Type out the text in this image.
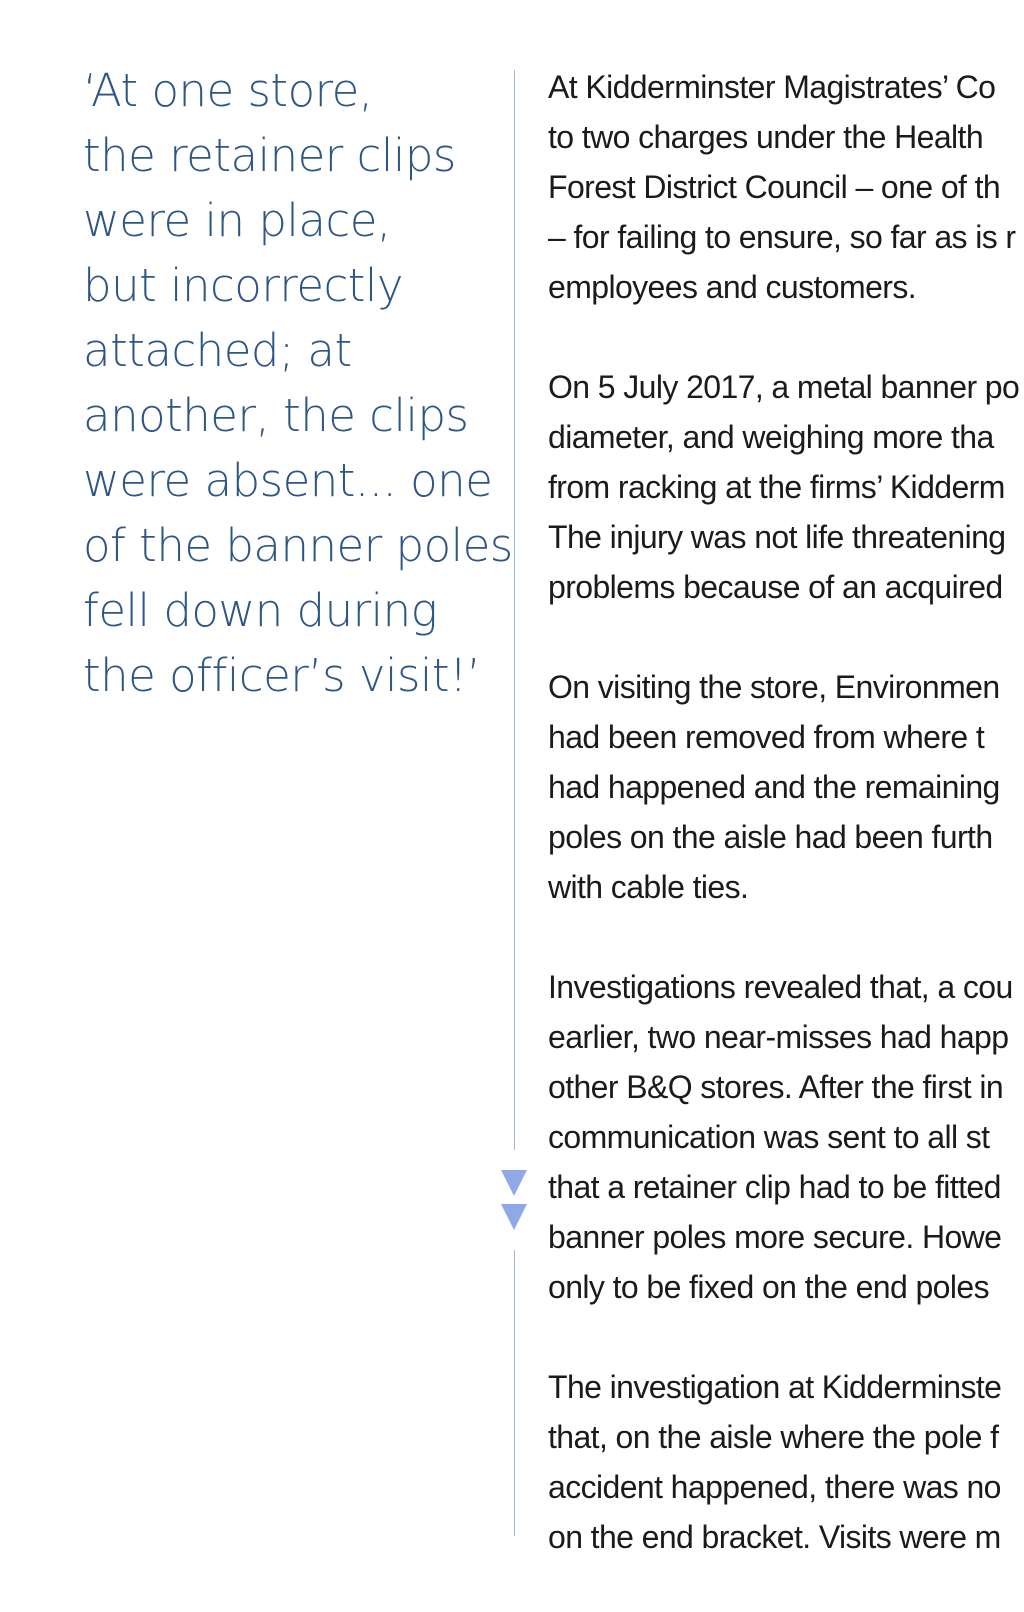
‘At one store,
the retainer clips
were in place,
but incorrectly
attached; at
another, the clips
were absent... one
of the banner poles
fell down during
the officer’s visit!’
At Kidderminster Magistrates’ Co
to two charges under the Health
Forest District Council – one of th
– for failing to ensure, so far as is r
employees and customers.
On 5 July 2017, a metal banner po
diameter, and weighing more tha
from racking at the firms’ Kidderm
The injury was not life threatening
problems because of an acquired
On visiting the store, Environmen
had been removed from where t
had happened and the remaining
poles on the aisle had been furth
with cable ties.
Investigations revealed that, a cou
earlier, two near-misses had happ
other B&Q stores. After the first in
communication was sent to all st
that a retainer clip had to be fitted
banner poles more secure. Howe
only to be fixed on the end poles
The investigation at Kidderminste
that, on the aisle where the pole f
accident happened, there was no
on the end bracket. Visits were m
